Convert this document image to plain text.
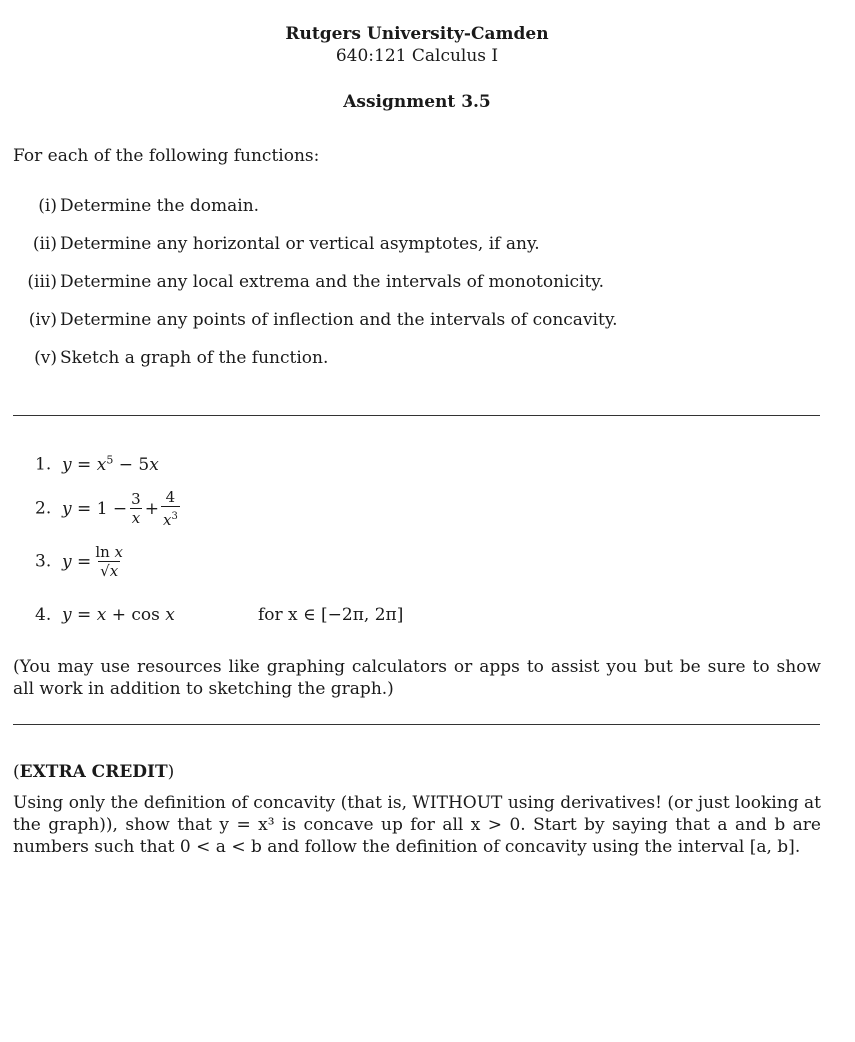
Rutgers University-Camden
640:121 Calculus I
Assignment 3.5
For each of the following functions:
(i) Determine the domain.
(ii) Determine any horizontal or vertical asymptotes, if any.
(iii) Determine any local extrema and the intervals of monotonicity.
(iv) Determine any points of inflection and the intervals of concavity.
(v) Sketch a graph of the function.
1. $y = x^5 - 5x$
2. $y = 1 - \frac{3}{x} + \frac{4}{x^3}$
3. $y = \frac{\text{ln x}}{√x}$
4. y = x + cos x	for x ∈ [−2π, 2π]
(You may use resources like graphing calculators or apps to assist you but be sure to show all work in addition to sketching the graph.)
(EXTRA CREDIT)
Using only the definition of concavity (that is, WITHOUT using derivatives! (or just looking at the graph)), show that y = x³ is concave up for all x > 0. Start by saying that a and b are numbers such that 0 < a < b and follow the definition of concavity using the interval [a, b].
